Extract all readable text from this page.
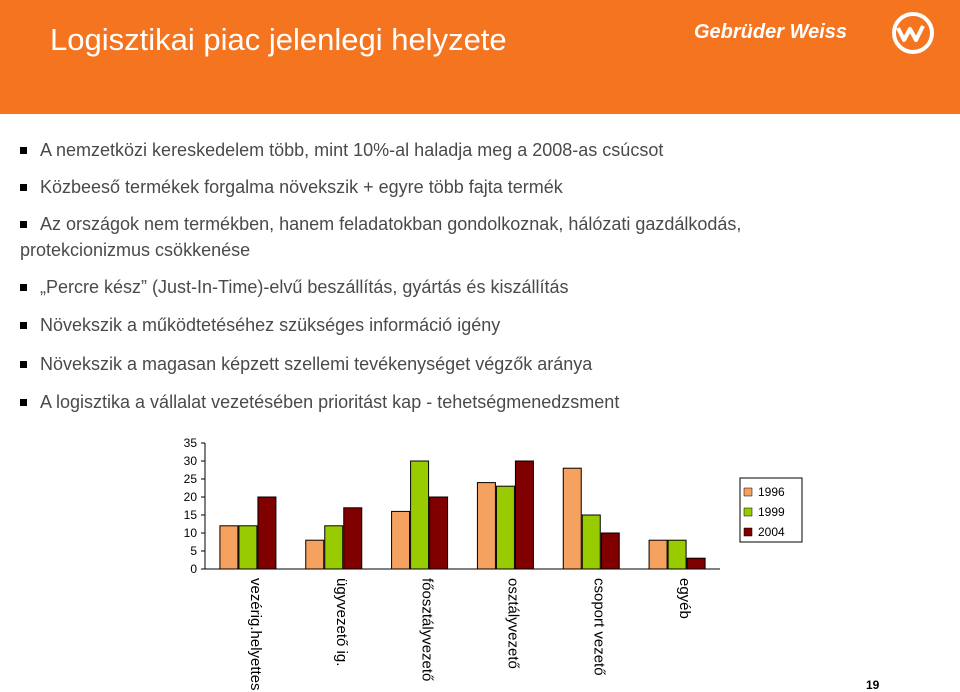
Logisztikai piac jelenlegi helyzete	Gebrüder Weiss
A nemzetközi kereskedelem több, mint 10%-al haladja meg a 2008-as csúcsot
Közbeeső termékek forgalma növekszik + egyre több fajta termék
Az országok nem termékben, hanem feladatokban gondolkoznak, hálózati gazdálkodás,
protekcionizmus csökkenése
„Percre kész” (Just-In-Time)-elvű beszállítás, gyártás és kiszállítás
Növekszik a működtetéséhez szükséges információ igény
Növekszik a magasan képzett szellemi tevékenységet végzők aránya
A logisztika a vállalat vezetésében prioritást kap - tehetségmenedzsment
0
5
10
15
20
25
30
35
vezérig.helyettes	ügyvezető ig.	főosztályvezető	osztályvezető	csoport vezető	egyéb
1996
1999
2004
19
